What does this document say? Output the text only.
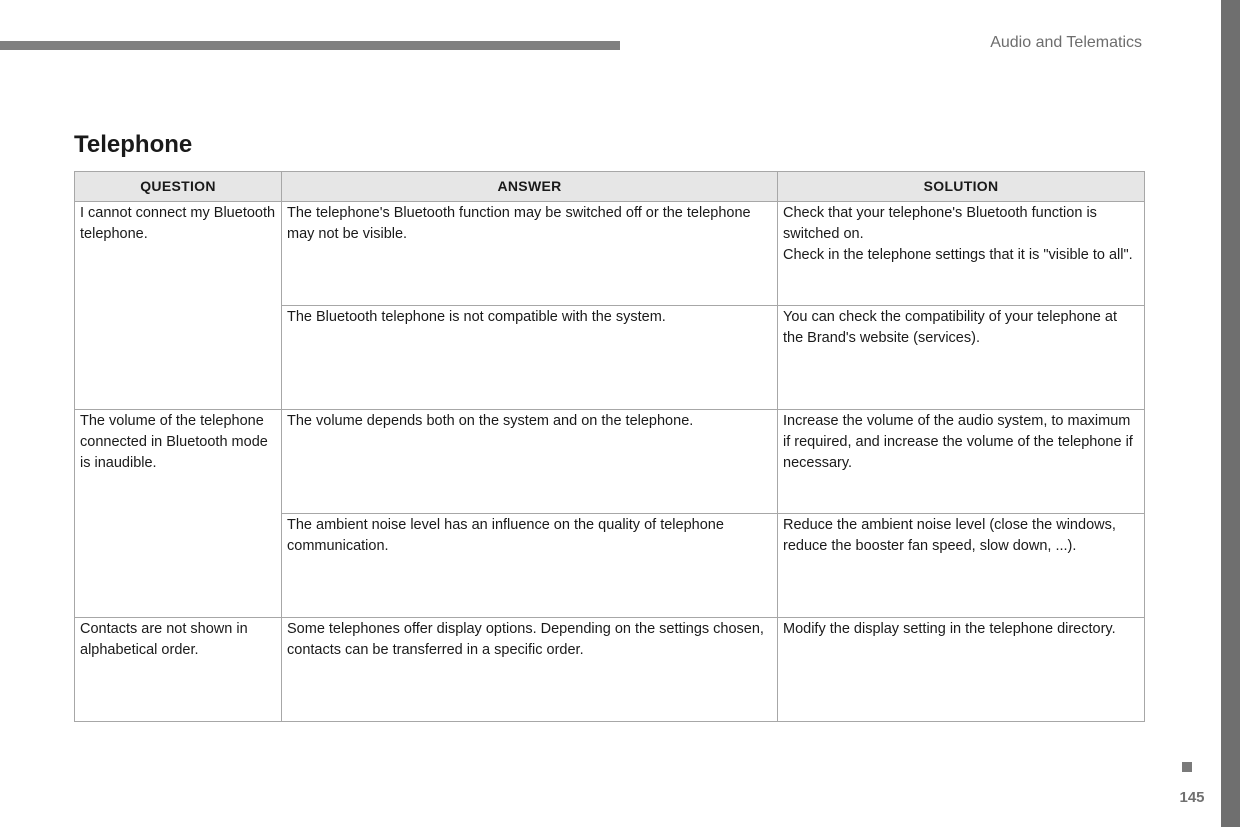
Audio and Telematics
Telephone
QUESTION	ANSWER	SOLUTION
I cannot connect my Bluetooth telephone.	The telephone's Bluetooth function may be switched off or the telephone may not be visible.	Check that your telephone's Bluetooth function is switched on.
Check in the telephone settings that it is "visible to all".

	The Bluetooth telephone is not compatible with the system.	You can check the compatibility of your telephone at the Brand's website (services).
The volume of the telephone connected in Bluetooth mode is inaudible.	The volume depends both on the system and on the telephone.	Increase the volume of the audio system, to maximum if required, and increase the volume of the telephone if necessary.
	The ambient noise level has an influence on the quality of telephone communication.	Reduce the ambient noise level (close the windows, reduce the booster fan speed, slow down, ...).
Contacts are not shown in alphabetical order.	Some telephones offer display options. Depending on the settings chosen, contacts can be transferred in a specific order.	Modify the display setting in the telephone directory.
145
